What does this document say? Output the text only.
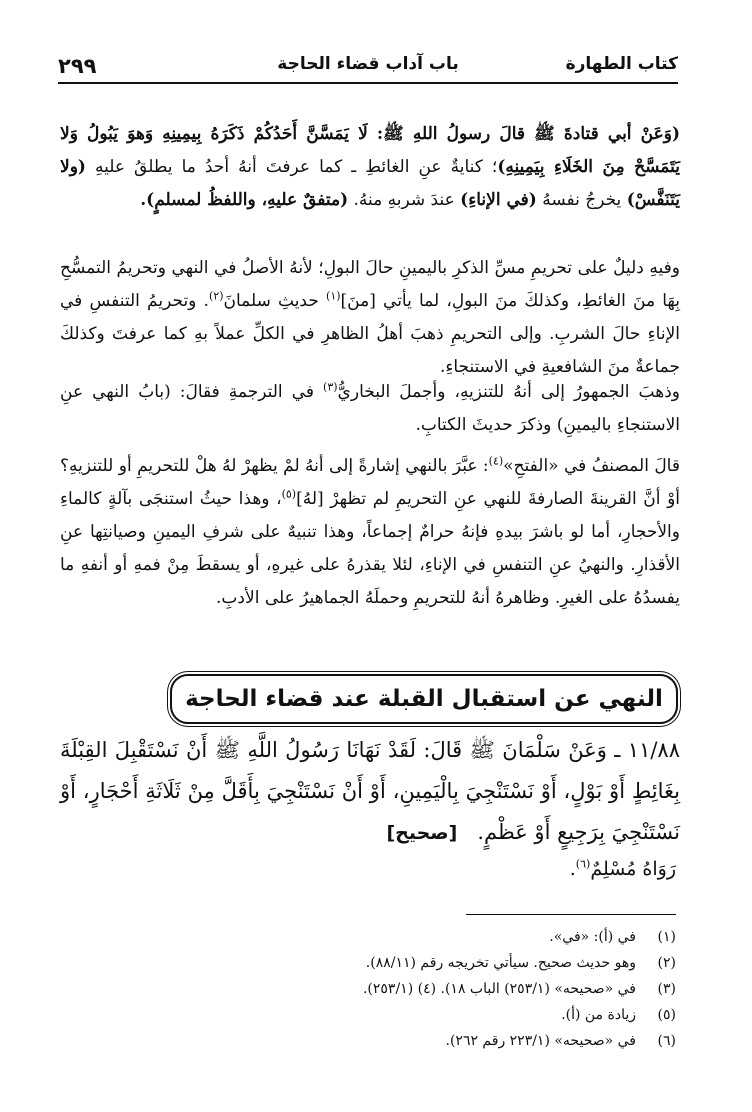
كتاب الطهارة
باب آداب قضاء الحاجة
٢٩٩

(وَعَنْ أبي قتادةَ ﷺ قالَ رسولُ اللهِ ﷺ: لَا يَمَسَّنَّ أَحَدُكُمْ ذَكَرَهُ بِيمِينِهِ وَهوَ يَبُولُ وَلا يَتَمَسَّحْ مِنَ الخَلَاءِ بِيَمِينِهِ)؛ كنايةٌ عنِ الغائطِ ـ كما عرفتَ أنهُ أحدُ ما يطلقُ عليهِ (ولا يَتَنَفَّسْ) يخرجُ نفسهُ (في الإناءِ) عندَ شربهِ منهُ. (متفقٌ عليهِ، واللفظُ لمسلمٍ).

وفيهِ دليلٌ على تحريمِ مسِّ الذكرِ باليمينِ حالَ البولِ؛ لأنهُ الأصلُ في النهي وتحريمُ التمسُّحِ بِهَا منَ الغائطِ، وكذلكَ منَ البولِ، لما يأتي [منَ]$^{(١)}$ حديثِ سلمانَ$^{(٢)}$. وتحريمُ التنفسِ في الإناءِ حالَ الشربِ. وإلى التحريمِ ذهبَ أهلُ الظاهرِ في الكلِّ عملاً بهِ كما عرفتَ وكذلكَ جماعةٌ منَ الشافعيةِ في الاستنجاءِ.

وذهبَ الجمهورُ إلى أنهُ للتنزيهِ، وأجملَ البخاريُّ$^{(٣)}$ في الترجمةِ فقالَ: (بابُ النهي عنِ الاستنجاءِ باليمينِ) وذكرَ حديثَ الكتابِ.

قالَ المصنفُ في «الفتحِ»$^{(٤)}$: عبَّرَ بالنهي إشارةً إلى أنهُ لمْ يظهرْ لهُ هلْ للتحريمِ أو للتنزيهِ؟ أوْ أنَّ القرينةَ الصارفةَ للنهي عنِ التحريمِ لم تظهرْ [لهُ]$^{(٥)}$، وهذا حيثُ استنجَى بآلةٍ كالماءِ والأحجارِ، أما لو باشرَ بيدهِ فإنهُ حرامٌ إجماعاً، وهذا تنبيهٌ على شرفِ اليمينِ وصيانتِها عنِ الأقذارِ. والنهيُ عنِ التنفسِ في الإناءِ، لئلا يقذرهُ على غيرهِ، أو يسقطَ مِنْ فمهِ أو أنفهِ ما يفسدُهُ على الغيرِ. وظاهرهُ أنهُ للتحريمِ وحملَهُ الجماهيرُ على الأدبِ.

النهي عن استقبال القبلة عند قضاء الحاجة

١١/٨٨ ـ وَعَنْ سَلْمَانَ ﷺ قَالَ: لَقَدْ نَهَانَا رَسُولُ اللَّهِ ﷺ أَنْ نَسْتَقْبِلَ القِبْلَةَ بِغَائِطٍ أَوْ بَوْلٍ، أَوْ نَسْتَنْجِيَ بِالْيَمِينِ، أَوْ أَنْ نَسْتَنْجِيَ بِأَقَلَّ مِنْ ثَلَاثَةِ أَحْجَارٍ، أَوْ نَسْتَنْجِيَ بِرَجِيعٍ أَوْ عَظْمٍ.   [صحيح]

رَوَاهُ مُسْلِمٌ$^{(٦)}$.

(١)في (أ): «في».
(٢)وهو حديث صحيح. سيأتي تخريجه رقم (٨٨/١١).
(٣)في «صحيحه» (٢٥٣/١) الباب ١٨). (٤) (٢٥٣/١).
(٥)زيادة من (أ).
(٦)في «صحيحه» (٢٢٣/١ رقم ٢٦٢).
